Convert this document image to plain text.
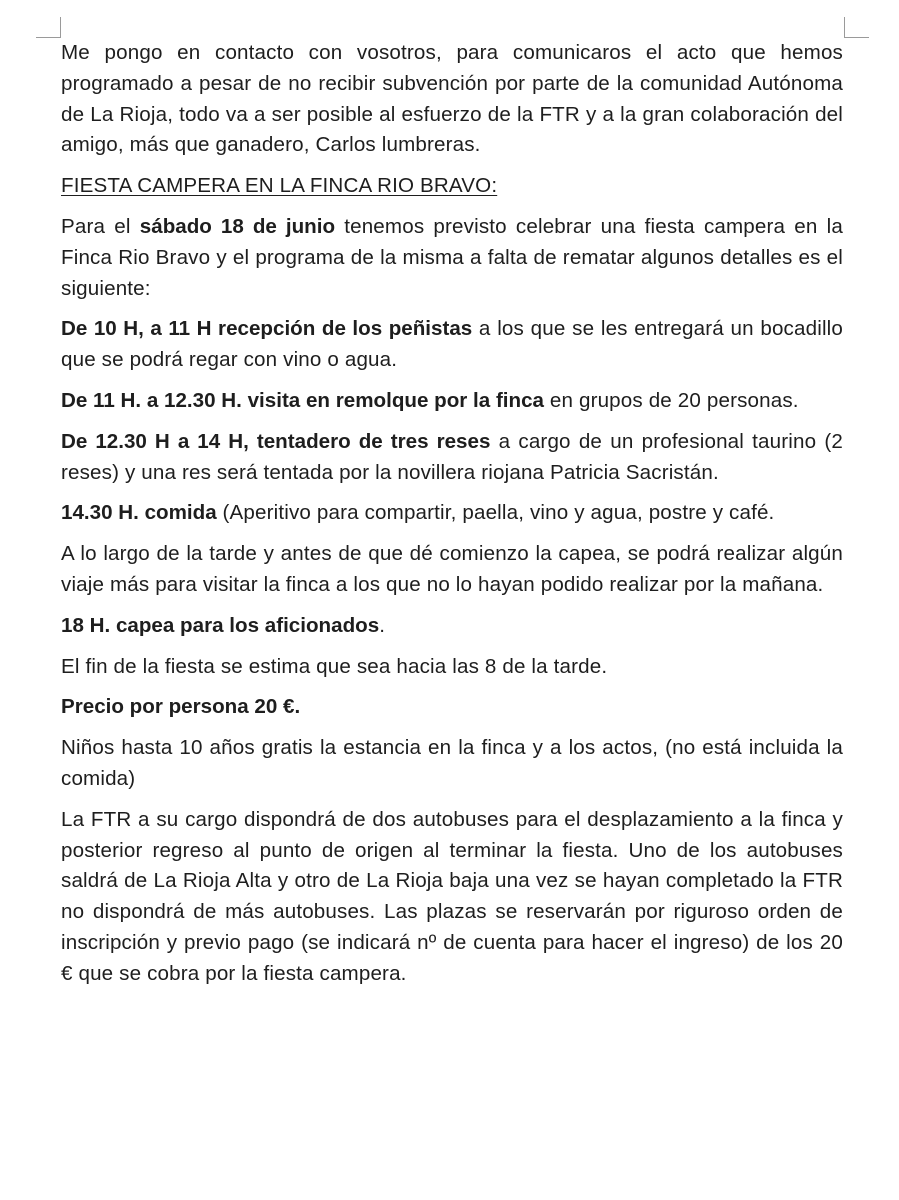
Me pongo en contacto con vosotros, para comunicaros el acto que hemos programado a pesar de no recibir subvención por parte de la comunidad Autónoma de La Rioja, todo va a ser posible al esfuerzo de la FTR y a la gran colaboración del amigo, más que ganadero, Carlos lumbreras.

FIESTA CAMPERA EN LA FINCA RIO BRAVO:

Para el sábado 18 de junio tenemos previsto celebrar una fiesta campera en la Finca Rio Bravo y el programa de la misma a falta de rematar algunos detalles es el siguiente:

De 10 H, a 11 H recepción de los peñistas a los que se les entregará un bocadillo que se podrá regar con vino o agua.

De 11 H. a 12.30 H. visita en remolque por la finca en grupos de 20 personas.

De 12.30 H a 14 H, tentadero de tres reses a cargo de un profesional taurino (2 reses) y una res será tentada por la novillera riojana Patricia Sacristán.

14.30 H. comida (Aperitivo para compartir, paella, vino y agua, postre y café.

A lo largo de la tarde y antes de que dé comienzo la capea, se podrá realizar algún viaje más para visitar la finca a los que no lo hayan podido realizar por la mañana.

18 H. capea para los aficionados.

El fin de la fiesta se estima que sea hacia las 8 de la tarde.

Precio por persona 20 €.

Niños hasta 10 años gratis la estancia en la finca y a los actos, (no está incluida la comida)

La FTR a su cargo dispondrá de dos autobuses para el desplazamiento a la finca y posterior regreso al punto de origen al terminar la fiesta. Uno de los autobuses saldrá de La Rioja Alta y otro de La Rioja baja una vez se hayan completado la FTR no dispondrá de más autobuses. Las plazas se reservarán por riguroso orden de inscripción y previo pago (se indicará nº de cuenta para hacer el ingreso) de los 20 € que se cobra por la fiesta campera.
